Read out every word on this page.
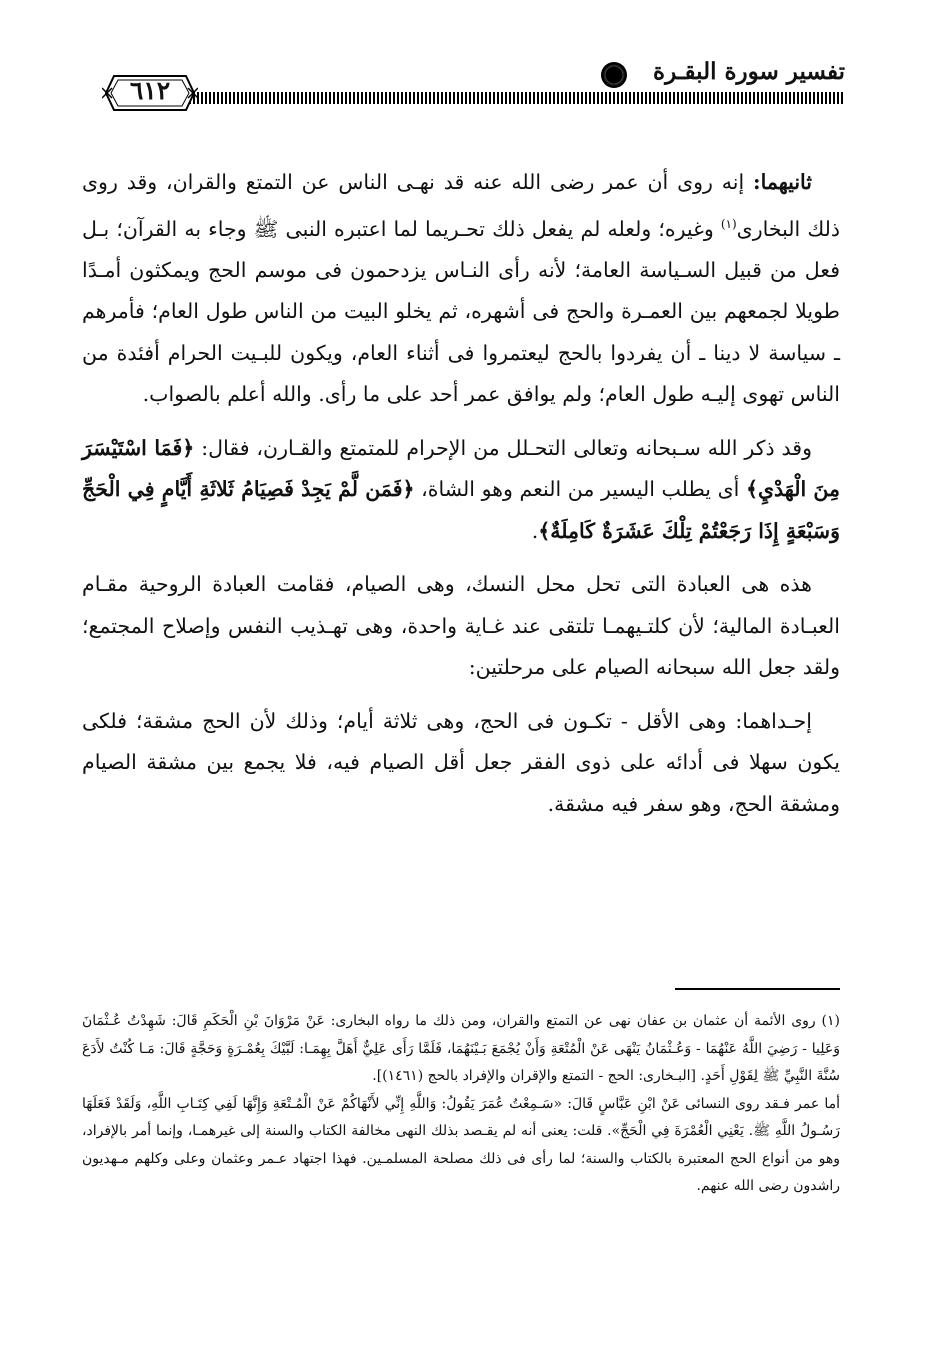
تفسير سورة البقـرة
٦١٢

ثانيهما: إنه روى أن عمر رضى الله عنه قد نهـى الناس عن التمتع والقران، وقد روى ذلك البخارى$^{(١)}$ وغيره؛ ولعله لم يفعل ذلك تحـريما لما اعتبره النبى ﷺ وجاء به القرآن؛ بـل فعل من قبيل السـياسة العامة؛ لأنه رأى النـاس يزدحمون فى موسم الحج ويمكثون أمـدًا طويلا لجمعهم بين العمـرة والحج فى أشهره، ثم يخلو البيت من الناس طول العام؛ فأمرهم ـ سياسة لا دينا ـ أن يفردوا بالحج ليعتمروا فى أثناء العام، ويكون للبـيت الحرام أفئدة من الناس تهوى إليـه طول العام؛ ولم يوافق عمر أحد على ما رأى. والله أعلم بالصواب.

وقد ذكر الله سـبحانه وتعالى التحـلل من الإحرام للمتمتع والقـارن، فقال: ﴿فَمَا اسْتَيْسَرَ مِنَ الْهَدْيِ﴾ أى يطلب اليسير من النعم وهو الشاة، ﴿فَمَن لَّمْ يَجِدْ فَصِيَامُ ثَلاثَةِ أَيَّامٍ فِي الْحَجِّ وَسَبْعَةٍ إِذَا رَجَعْتُمْ تِلْكَ عَشَرَةٌ كَامِلَةٌ﴾.

هذه هى العبادة التى تحل محل النسك، وهى الصيام، فقامت العبادة الروحية مقـام العبـادة المالية؛ لأن كلتـيهمـا تلتقى عند غـاية واحدة، وهى تهـذيب النفس وإصلاح المجتمع؛ ولقد جعل الله سبحانه الصيام على مرحلتين:

إحـداهما: وهى الأقل - تكـون فى الحج، وهى ثلاثة أيام؛ وذلك لأن الحج مشقة؛ فلكى يكون سهلا فى أدائه على ذوى الفقر جعل أقل الصيام فيه، فلا يجمع بين مشقة الصيام ومشقة الحج، وهو سفر فيه مشقة.

(١) روى الأئمة أن عثمان بن عفان نهى عن التمتع والقران، ومن ذلك ما رواه البخارى: عَنْ مَرْوَانَ بْنِ الْحَكَمِ قَالَ: شَهِدْتُ عُـثْمَانَ وَعَلِيا - رَضِيَ اللَّهُ عَنْهُمَا - وَعُـثْمَانُ يَنْهَى عَنْ الْمُتْعَةِ وَأَنْ يُجْمَعَ بَـيْنَهُمَا، فَلَمَّا رَأَى عَلِيٌّ أَهَلَّ بِهِمَـا: لَبَّيْكَ بِعُمْـرَةٍ وَحَجَّةٍ قَالَ: مَـا كُنْتُ لأَدَعَ سُنَّةَ النَّبِيِّ ﷺ لِقَوْلِ أَحَدٍ. [البـخارى: الحج - التمتع والإقران والإفراد بالحج (١٤٦١)].

أما عمر فـقد روى النسائى عَنْ ابْنِ عَبَّاسٍ قَالَ: «سَـمِعْتُ عُمَرَ يَقُولُ: وَاللَّهِ إِنِّي لأَنْهَاكُمْ عَنْ الْمُـتْعَةِ وَإِنَّهَا لَفِي كِتَـابِ اللَّهِ، وَلَقَدْ فَعَلَهَا رَسُـولُ اللَّهِ ﷺ. يَعْنِي الْعُمْرَةَ فِي الْحَجِّ». قلت: يعنى أنه لم يقـصد بذلك النهى مخالفة الكتاب والسنة إلى غيرهمـا، وإنما أمر بالإفراد، وهو من أنواع الحج المعتبرة بالكتاب والسنة؛ لما رأى فى ذلك مصلحة المسلمـين. فهذا اجتهاد عـمر وعثمان وعلى وكلهم مـهديون راشدون رضى الله عنهم.
